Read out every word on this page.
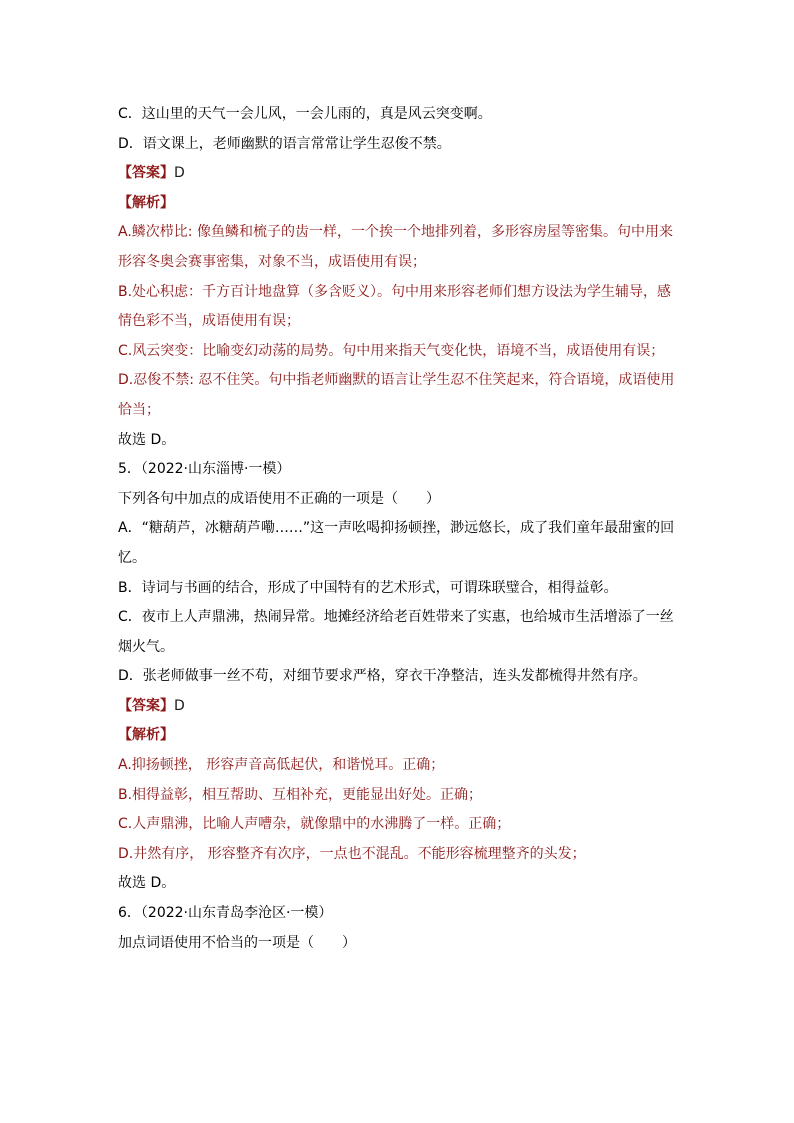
C．这山里的天气一会儿风，一会儿雨的，真是风云突变啊。
D．语文课上，老师幽默的语言常常让学生忍俊不禁。
【答案】D
【解析】
A.鳞次栉比: 像鱼鳞和梳子的齿一样，一个挨一个地排列着，多形容房屋等密集。句中用来
形容冬奥会赛事密集，对象不当，成语使用有误；
B.处心积虑：千方百计地盘算（多含贬义）。句中用来形容老师们想方设法为学生辅导，感
情色彩不当，成语使用有误；
C.风云突变：比喻变幻动荡的局势。句中用来指天气变化快，语境不当，成语使用有误；
D.忍俊不禁: 忍不住笑。句中指老师幽默的语言让学生忍不住笑起来，符合语境，成语使用
恰当；
故选 D。
5．（2022·山东淄博·一模）
下列各句中加点的成语使用不正确的一项是（　　）
A．“糖葫芦，冰糖葫芦嘞……”这一声吆喝抑扬顿挫，渺远悠长，成了我们童年最甜蜜的回
忆。
B．诗词与书画的结合，形成了中国特有的艺术形式，可谓珠联璧合，相得益彰。
C．夜市上人声鼎沸，热闹异常。地摊经济给老百姓带来了实惠，也给城市生活增添了一丝
烟火气。
D．张老师做事一丝不苟，对细节要求严格，穿衣干净整洁，连头发都梳得井然有序。
【答案】D
【解析】
A.抑扬顿挫， 形容声音高低起伏，和谐悦耳。正确；
B.相得益彰，相互帮助、互相补充，更能显出好处。正确；
C.人声鼎沸，比喻人声嘈杂，就像鼎中的水沸腾了一样。正确；
D.井然有序， 形容整齐有次序，一点也不混乱。不能形容梳理整齐的头发；
故选 D。
6．（2022·山东青岛李沧区·一模）
加点词语使用不恰当的一项是（　　）
